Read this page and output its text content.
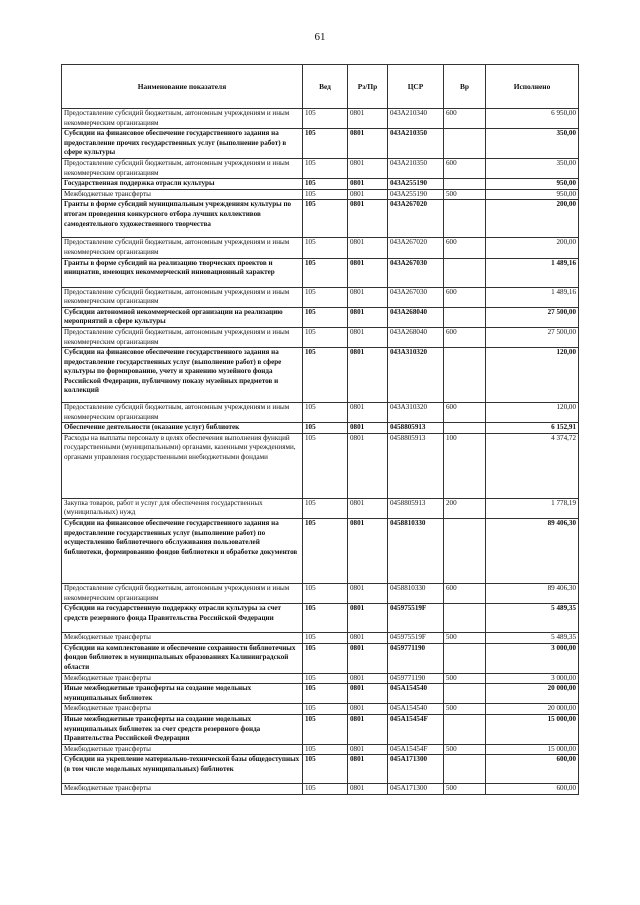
61
Наименование показателя	Вед	Рз/Пр	ЦСР	Вр	Исполнено
Предоставление субсидий бюджетным, автономным учреждениям и иным некоммерческим организациям	105	0801	043А210340	600	6 950,00
Субсидии на финансовое обеспечение государственного задания на предоставление прочих государственных услуг (выполнение работ) в сфере культуры	105	0801	043А210350		350,00
Предоставление субсидий бюджетным, автономным учреждениям и иным некоммерческим организациям	105	0801	043А210350	600	350,00
Государственная поддержка отрасли культуры	105	0801	043А255190		950,00
Межбюджетные трансферты	105	0801	043А255190	500	950,00
Гранты в форме субсидий муниципальным учреждениям культуры по итогам проведения конкурсного отбора лучших коллективов самодеятельного художественного творчества	105	0801	043А267020		200,00
Предоставление субсидий бюджетным, автономным учреждениям и иным некоммерческим организациям	105	0801	043А267020	600	200,00
Гранты в форме субсидий на реализацию творческих проектов и инициатив, имеющих некоммерческий инновационный характер	105	0801	043А267030		1 489,16
Предоставление субсидий бюджетным, автономным учреждениям и иным некоммерческим организациям	105	0801	043А267030	600	1 489,16
Субсидии автономной некоммерческой организации на реализацию мероприятий в сфере культуры	105	0801	043А268040		27 500,00
Предоставление субсидий бюджетным, автономным учреждениям и иным некоммерческим организациям	105	0801	043А268040	600	27 500,00
Субсидии на финансовое обеспечение государственного задания на предоставление государственных услуг (выполнение работ) в сфере культуры по формированию, учету и хранению музейного фонда Российской Федерации, публичному показу музейных предметов и коллекций	105	0801	043А310320		120,00
Предоставление субсидий бюджетным, автономным учреждениям и иным некоммерческим организациям	105	0801	043А310320	600	120,00
Обеспечение деятельности (оказание услуг) библиотек	105	0801	0458805913		6 152,91
Расходы на выплаты персоналу в целях обеспечения выполнения функций государственными (муниципальными) органами, казенными учреждениями, органами управления государственными внебюджетными фондами	105	0801	0458805913	100	4 374,72
Закупка товаров, работ и услуг для обеспечения государственных (муниципальных) нужд	105	0801	0458805913	200	1 778,19
Субсидии на финансовое обеспечение государственного задания на предоставление государственных услуг (выполнение работ) по осуществлению библиотечного обслуживания пользователей библиотеки, формированию фондов библиотеки и обработке документов	105	0801	0458810330		89 406,30
Предоставление субсидий бюджетным, автономным учреждениям и иным некоммерческим организациям	105	0801	0458810330	600	89 406,30
Субсидии на государственную поддержку отрасли культуры за счет средств резервного фонда Правительства Российской Федерации	105	0801	045975519F		5 489,35
Межбюджетные трансферты	105	0801	045975519F	500	5 489,35
Субсидии на комплектование и обеспечение сохранности библиотечных фондов библиотек в муниципальных образованиях Калининградской области	105	0801	0459771190		3 000,00
Межбюджетные трансферты	105	0801	0459771190	500	3 000,00
Иные межбюджетные трансферты на создание модельных муниципальных библиотек	105	0801	045А154540		20 000,00
Межбюджетные трансферты	105	0801	045А154540	500	20 000,00
Иные межбюджетные трансферты на создание модельных муниципальных библиотек за счет средств резервного фонда Правительства Российской Федерации	105	0801	045А15454F		15 000,00
Межбюджетные трансферты	105	0801	045А15454F	500	15 000,00
Субсидии на укрепление материально-технической базы общедоступных (в том числе модельных муниципальных) библиотек	105	0801	045А171300		600,00
Межбюджетные трансферты	105	0801	045А171300	500	600,00
